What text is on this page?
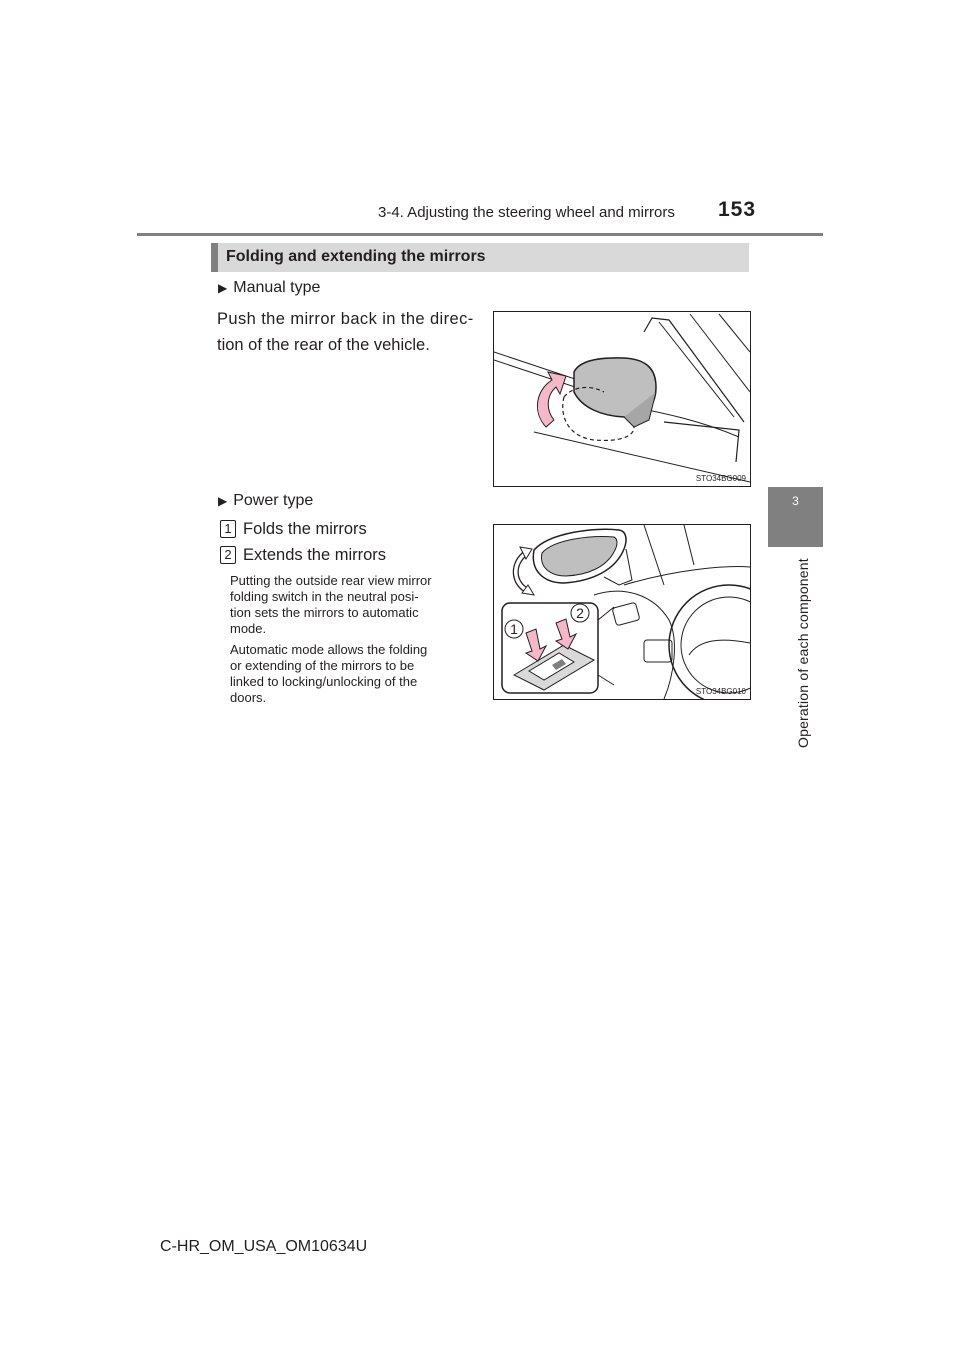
3-4. Adjusting the steering wheel and mirrors 153
3
Operation of each component
Folding and extending the mirrors
▶ Manual type
Push the mirror back in the direc-
tion of the rear of the vehicle.
STO34BG009
▶ Power type
1 Folds the mirrors
2 Extends the mirrors
Putting the outside rear view mirror
folding switch in the neutral posi-
tion sets the mirrors to automatic
mode.
Automatic mode allows the folding
or extending of the mirrors to be
linked to locking/unlocking of the
doors.
1
2
STO34BG010
C-HR_OM_USA_OM10634U
